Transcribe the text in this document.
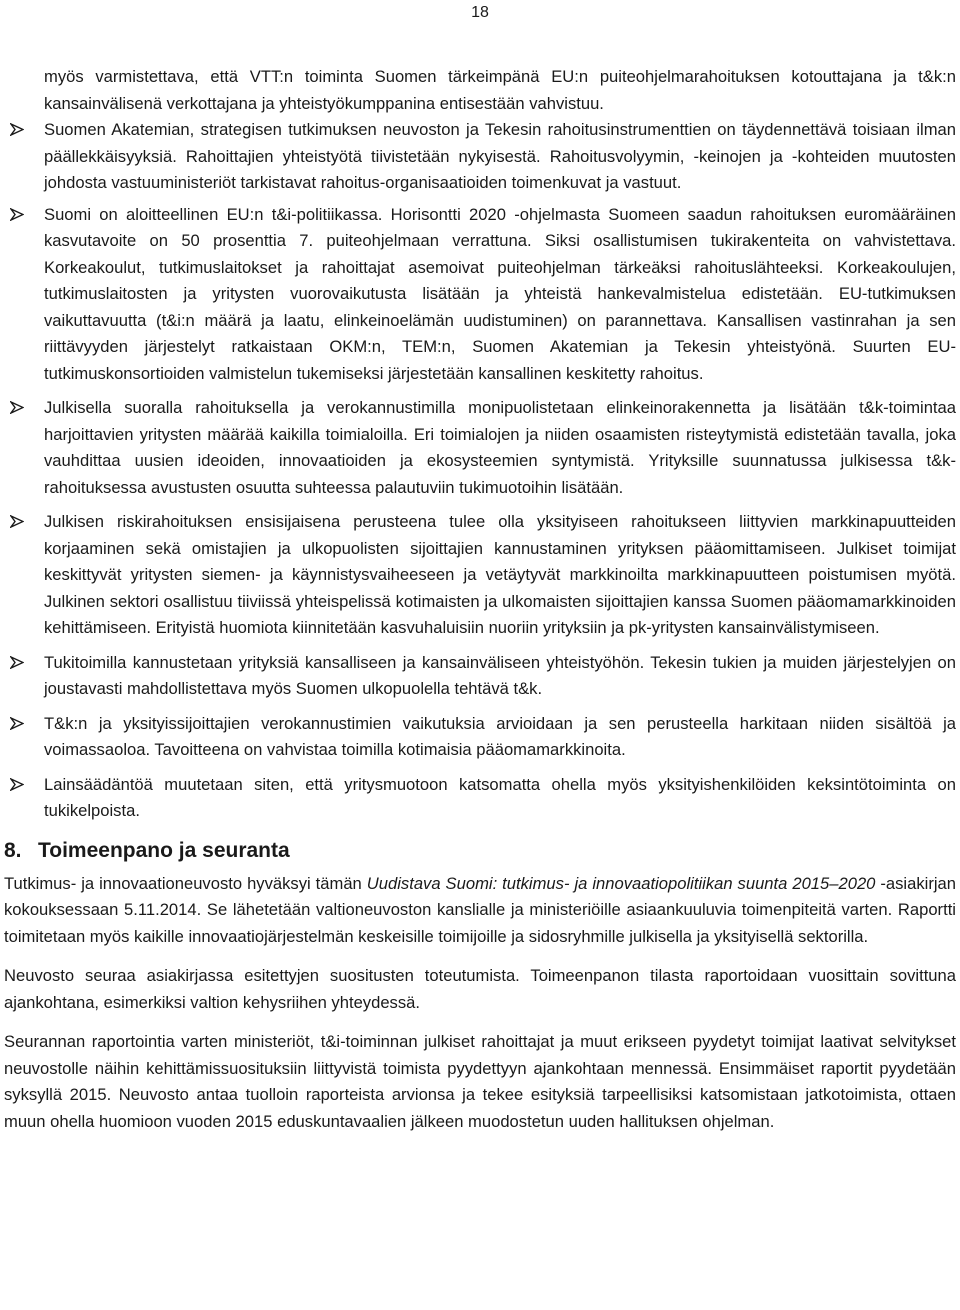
18

myös varmistettava, että VTT:n toiminta Suomen tärkeimpänä EU:n puiteohjelmarahoituksen kotouttajana ja t&k:n kansainvälisenä verkottajana ja yhteistyökumppanina entisestään vahvistuu.

Suomen Akatemian, strategisen tutkimuksen neuvoston ja Tekesin rahoitusinstrumenttien on täydennettävä toisiaan ilman päällekkäisyyksiä. Rahoittajien yhteistyötä tiivistetään nykyisestä. Rahoitusvolyymin, -keinojen ja -kohteiden muutosten johdosta vastuuministeriöt tarkistavat rahoitus-organisaatioiden toimenkuvat ja vastuut.
Suomi on aloitteellinen EU:n t&i-politiikassa. Horisontti 2020 -ohjelmasta Suomeen saadun rahoituksen euromääräinen kasvutavoite on 50 prosenttia 7. puiteohjelmaan verrattuna. Siksi osallistumisen tukirakenteita on vahvistettava. Korkeakoulut, tutkimuslaitokset ja rahoittajat asemoivat puiteohjelman tärkeäksi rahoituslähteeksi. Korkeakoulujen, tutkimuslaitosten ja yritysten vuorovaikutusta lisätään ja yhteistä hankevalmistelua edistetään. EU-tutkimuksen vaikuttavuutta (t&i:n määrä ja laatu, elinkeinoelämän uudistuminen) on parannettava. Kansallisen vastinrahan ja sen riittävyyden järjestelyt ratkaistaan OKM:n, TEM:n, Suomen Akatemian ja Tekesin yhteistyönä. Suurten EU-tutkimuskonsortioiden valmistelun tukemiseksi järjestetään kansallinen keskitetty rahoitus.
Julkisella suoralla rahoituksella ja verokannustimilla monipuolistetaan elinkeinorakennetta ja lisätään t&k-toimintaa harjoittavien yritysten määrää kaikilla toimialoilla. Eri toimialojen ja niiden osaamisten risteytymistä edistetään tavalla, joka vauhdittaa uusien ideoiden, innovaatioiden ja ekosysteemien syntymistä. Yrityksille suunnatussa julkisessa t&k-rahoituksessa avustusten osuutta suhteessa palautuviin tukimuotoihin lisätään.
Julkisen riskirahoituksen ensisijaisena perusteena tulee olla yksityiseen rahoitukseen liittyvien markkinapuutteiden korjaaminen sekä omistajien ja ulkopuolisten sijoittajien kannustaminen yrityksen pääomittamiseen. Julkiset toimijat keskittyvät yritysten siemen- ja käynnistysvaiheeseen ja vetäytyvät markkinoilta markkinapuutteen poistumisen myötä. Julkinen sektori osallistuu tiiviissä yhteispelissä kotimaisten ja ulkomaisten sijoittajien kanssa Suomen pääomamarkkinoiden kehittämiseen. Erityistä huomiota kiinnitetään kasvuhaluisiin nuoriin yrityksiin ja pk-yritysten kansainvälistymiseen.
Tukitoimilla kannustetaan yrityksiä kansalliseen ja kansainväliseen yhteistyöhön. Tekesin tukien ja muiden järjestelyjen on joustavasti mahdollistettava myös Suomen ulkopuolella tehtävä t&k.
T&k:n ja yksityissijoittajien verokannustimien vaikutuksia arvioidaan ja sen perusteella harkitaan niiden sisältöä ja voimassaoloa. Tavoitteena on vahvistaa toimilla kotimaisia pääomamarkkinoita.
Lainsäädäntöä muutetaan siten, että yritysmuotoon katsomatta ohella myös yksityishenkilöiden keksintötoiminta on tukikelpoista.
8. Toimeenpano ja seuranta

Tutkimus- ja innovaationeuvosto hyväksyi tämän Uudistava Suomi: tutkimus- ja innovaatiopolitiikan suunta 2015–2020 -asiakirjan kokouksessaan 5.11.2014. Se lähetetään valtioneuvoston kanslialle ja ministeriöille asiaankuuluvia toimenpiteitä varten. Raportti toimitetaan myös kaikille innovaatiojärjestelmän keskeisille toimijoille ja sidosryhmille julkisella ja yksityisellä sektorilla.

Neuvosto seuraa asiakirjassa esitettyjen suositusten toteutumista. Toimeenpanon tilasta raportoidaan vuosittain sovittuna ajankohtana, esimerkiksi valtion kehysriihen yhteydessä.

Seurannan raportointia varten ministeriöt, t&i-toiminnan julkiset rahoittajat ja muut erikseen pyydetyt toimijat laativat selvitykset neuvostolle näihin kehittämissuosituksiin liittyvistä toimista pyydettyyn ajankohtaan mennessä. Ensimmäiset raportit pyydetään syksyllä 2015. Neuvosto antaa tuolloin raporteista arvionsa ja tekee esityksiä tarpeellisiksi katsomistaan jatkotoimista, ottaen muun ohella huomioon vuoden 2015 eduskuntavaalien jälkeen muodostetun uuden hallituksen ohjelman.
